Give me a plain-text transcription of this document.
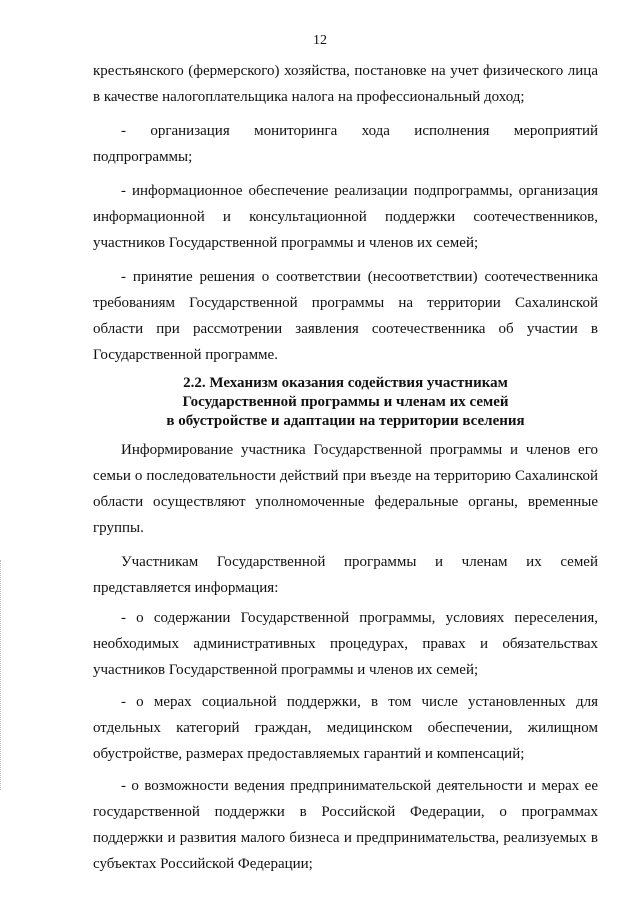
12

крестьянского (фермерского) хозяйства, постановке на учет физического лица
в качестве налогоплательщика налога на профессиональный доход;

- организация мониторинга хода исполнения мероприятий
подпрограммы;

- информационное обеспечение реализации подпрограммы, организация
информационной и консультационной поддержки соотечественников,
участников Государственной программы и членов их семей;

- принятие решения о соответствии (несоответствии) соотечественника
требованиям Государственной программы на территории Сахалинской
области при рассмотрении заявления соотечественника об участии в
Государственной программе.

2.2. Механизм оказания содействия участникам
Государственной программы и членам их семей
в обустройстве и адаптации на территории вселения

Информирование участника Государственной программы и членов его
семьи о последовательности действий при въезде на территорию Сахалинской
области осуществляют уполномоченные федеральные органы, временные
группы.

Участникам Государственной программы и членам их семей
представляется информация:

- о содержании Государственной программы, условиях переселения,
необходимых административных процедурах, правах и обязательствах
участников Государственной программы и членов их семей;

- о мерах социальной поддержки, в том числе установленных для
отдельных категорий граждан, медицинском обеспечении, жилищном
обустройстве, размерах предоставляемых гарантий и компенсаций;

- о возможности ведения предпринимательской деятельности и мерах ее
государственной поддержки в Российской Федерации, о программах
поддержки и развития малого бизнеса и предпринимательства, реализуемых в
субъектах Российской Федерации;
